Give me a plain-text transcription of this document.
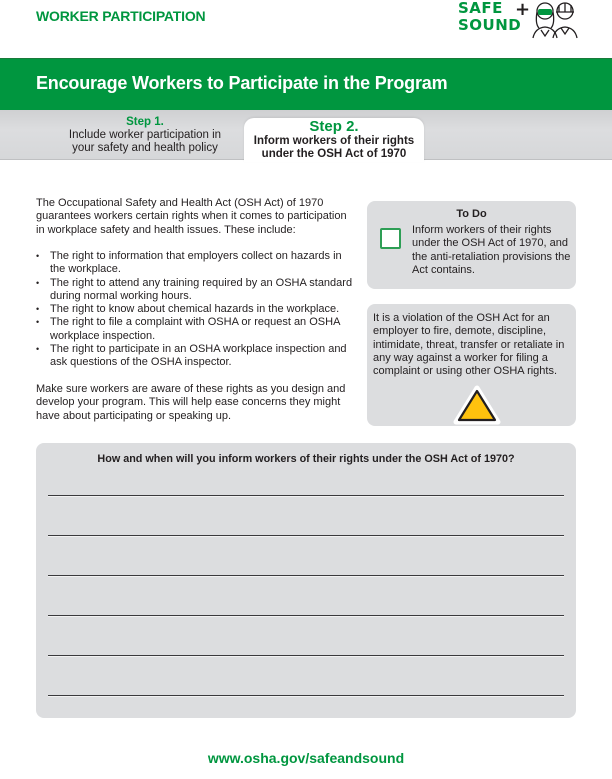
WORKER PARTICIPATION	SAFE
SOUND
+
Encourage Workers to Participate in the Program
Step 1.
Include worker participation in
your safety and health policy
Step 2.
Inform workers of their rights
under the OSH Act of 1970

The Occupational Safety and Health Act (OSH Act) of 1970 guarantees workers certain rights when it comes to participation in workplace safety and health issues. These include:

• The right to information that employers collect on hazards in the workplace.
• The right to attend any training required by an OSHA standard during normal working hours.
• The right to know about chemical hazards in the workplace.
• The right to file a complaint with OSHA or request an OSHA workplace inspection.
• The right to participate in an OSHA workplace inspection and ask questions of the OSHA inspector.

Make sure workers are aware of these rights as you design and develop your program. This will help ease concerns they might have about participating or speaking up.

To Do
Inform workers of their rights under the OSH Act of 1970, and the anti-retaliation provisions the Act contains.
It is a violation of the OSH Act for an employer to fire, demote, discipline, intimidate, threat, transfer or retaliate in any way against a worker for filing a complaint or using other OSHA rights.
How and when will you inform workers of their rights under the OSH Act of 1970?
www.osha.gov/safeandsound
